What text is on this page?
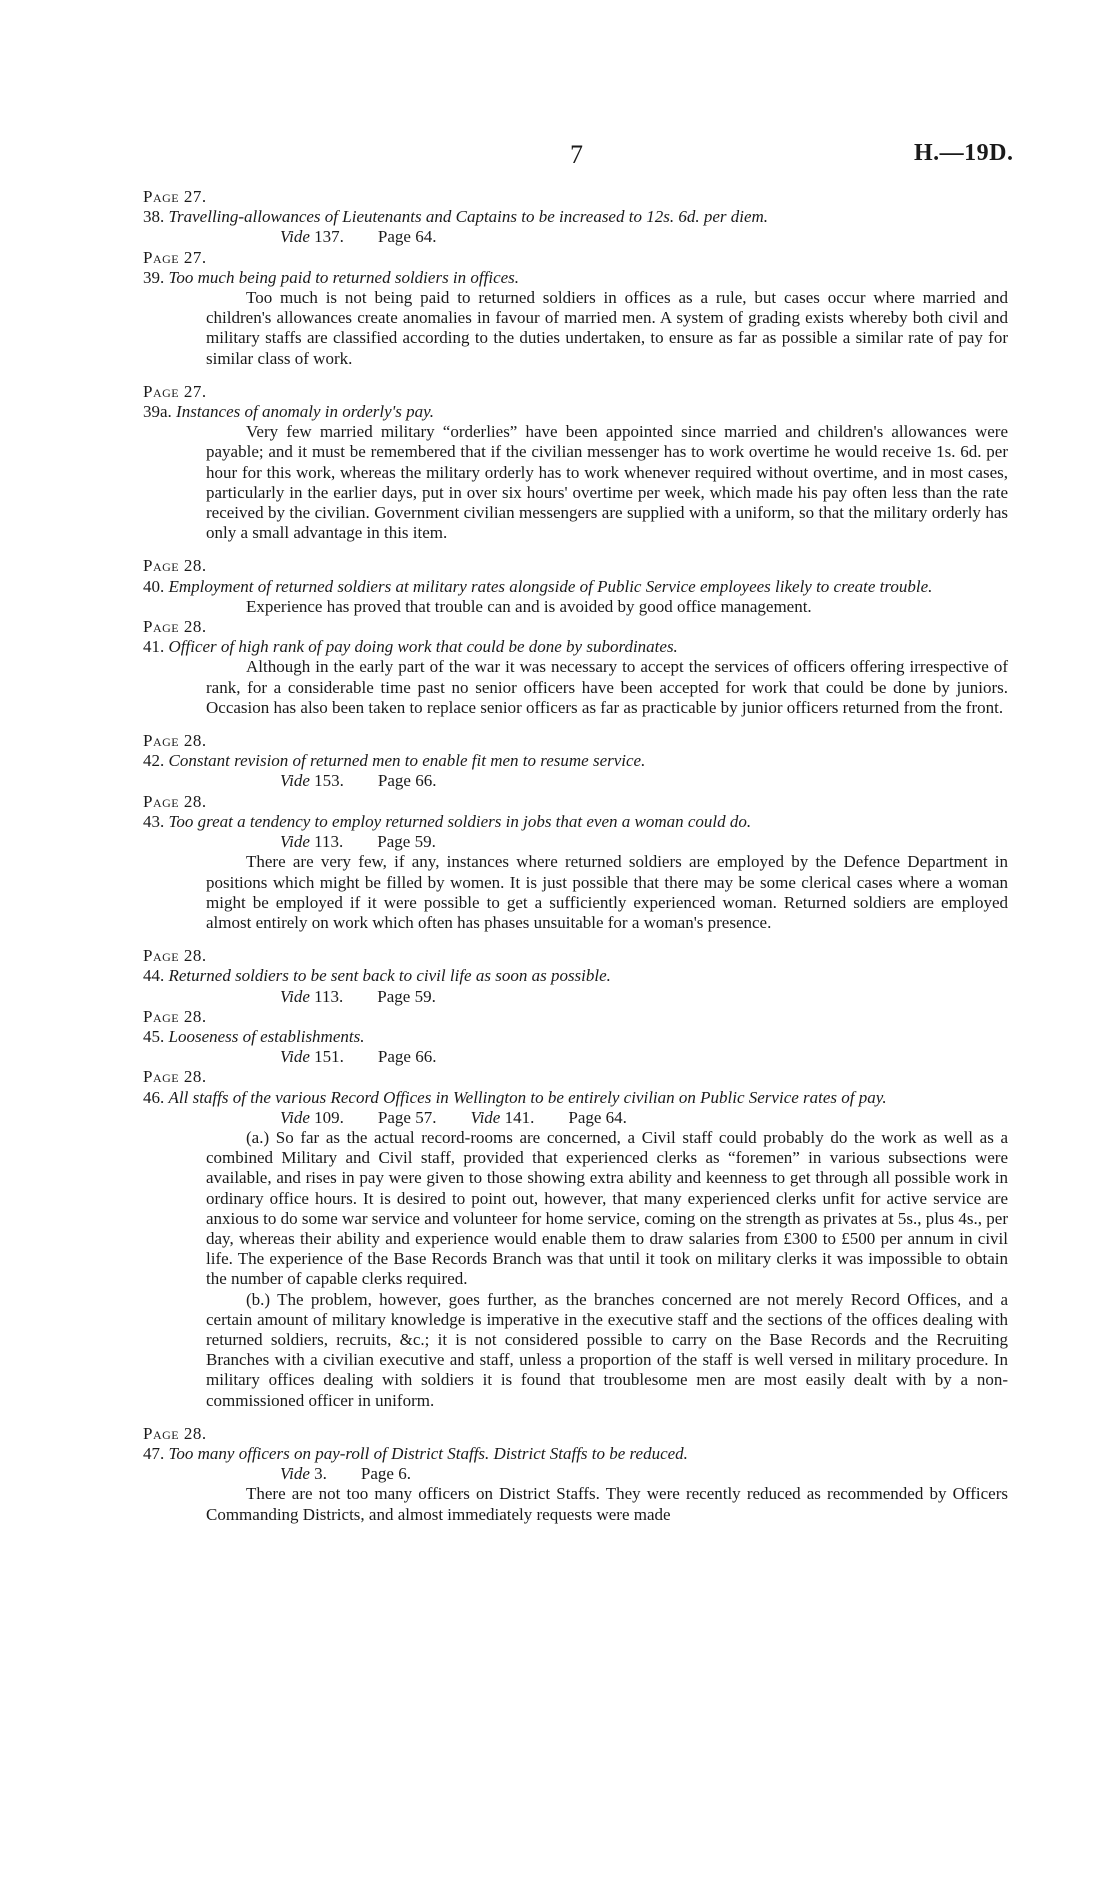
7	H.—19D.

Page 27.

38. Travelling-allowances of Lieutenants and Captains to be increased to 12s. 6d. per diem.

Vide 137. Page 64.

Page 27.

39. Too much being paid to returned soldiers in offices.

Too much is not being paid to returned soldiers in offices as a rule, but cases occur where married and children's allowances create anomalies in favour of married men. A system of grading exists whereby both civil and military staffs are classified according to the duties undertaken, to ensure as far as possible a similar rate of pay for similar class of work.

Page 27.

39a. Instances of anomaly in orderly's pay.

Very few married military “orderlies” have been appointed since married and children's allowances were payable; and it must be remembered that if the civilian messenger has to work overtime he would receive 1s. 6d. per hour for this work, whereas the military orderly has to work whenever required without overtime, and in most cases, particularly in the earlier days, put in over six hours' overtime per week, which made his pay often less than the rate received by the civilian. Government civilian messengers are supplied with a uniform, so that the military orderly has only a small advantage in this item.

Page 28.

40. Employment of returned soldiers at military rates alongside of Public Service employees likely to create trouble.

Experience has proved that trouble can and is avoided by good office management.

Page 28.

41. Officer of high rank of pay doing work that could be done by subordinates.

Although in the early part of the war it was necessary to accept the services of officers offering irrespective of rank, for a considerable time past no senior officers have been accepted for work that could be done by juniors. Occasion has also been taken to replace senior officers as far as practicable by junior officers returned from the front.

Page 28.

42. Constant revision of returned men to enable fit men to resume service.

Vide 153. Page 66.

Page 28.

43. Too great a tendency to employ returned soldiers in jobs that even a woman could do.

Vide 113. Page 59.

There are very few, if any, instances where returned soldiers are employed by the Defence Department in positions which might be filled by women. It is just possible that there may be some clerical cases where a woman might be employed if it were possible to get a sufficiently experienced woman. Returned soldiers are employed almost entirely on work which often has phases unsuitable for a woman's presence.

Page 28.

44. Returned soldiers to be sent back to civil life as soon as possible.

Vide 113. Page 59.

Page 28.

45. Looseness of establishments.

Vide 151. Page 66.

Page 28.

46. All staffs of the various Record Offices in Wellington to be entirely civilian on Public Service rates of pay.

Vide 109. Page 57. Vide 141. Page 64.

(a.) So far as the actual record-rooms are concerned, a Civil staff could probably do the work as well as a combined Military and Civil staff, provided that experienced clerks as “foremen” in various subsections were available, and rises in pay were given to those showing extra ability and keenness to get through all possible work in ordinary office hours. It is desired to point out, however, that many experienced clerks unfit for active service are anxious to do some war service and volunteer for home service, coming on the strength as privates at 5s., plus 4s., per day, whereas their ability and experience would enable them to draw salaries from £300 to £500 per annum in civil life. The experience of the Base Records Branch was that until it took on military clerks it was impossible to obtain the number of capable clerks required.

(b.) The problem, however, goes further, as the branches concerned are not merely Record Offices, and a certain amount of military knowledge is imperative in the executive staff and the sections of the offices dealing with returned soldiers, recruits, &c.; it is not considered possible to carry on the Base Records and the Recruiting Branches with a civilian executive and staff, unless a proportion of the staff is well versed in military procedure. In military offices dealing with soldiers it is found that troublesome men are most easily dealt with by a non-commissioned officer in uniform.

Page 28.

47. Too many officers on pay-roll of District Staffs. District Staffs to be reduced.

Vide 3. Page 6.

There are not too many officers on District Staffs. They were recently reduced as recommended by Officers Commanding Districts, and almost immediately requests were made
